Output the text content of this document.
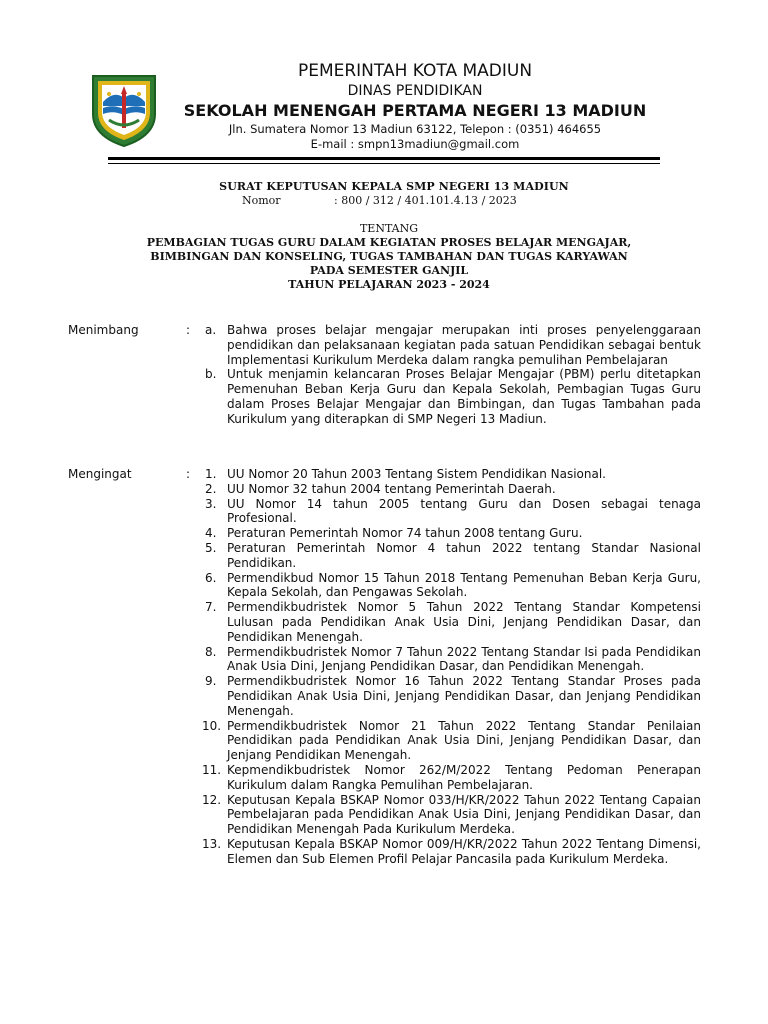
PEMERINTAH KOTA MADIUN
DINAS PENDIDIKAN
SEKOLAH MENENGAH PERTAMA NEGERI 13 MADIUN
Jln. Sumatera Nomor 13 Madiun 63122, Telepon : (0351) 464655
E-mail : smpn13madiun@gmail.com
SURAT KEPUTUSAN KEPALA SMP NEGERI 13 MADIUN
Nomor	: 800 / 312 / 401.101.4.13 / 2023
TENTANG
PEMBAGIAN TUGAS GURU DALAM KEGIATAN PROSES BELAJAR MENGAJAR,
BIMBINGAN DAN KONSELING, TUGAS TAMBAHAN DAN TUGAS KARYAWAN
PADA SEMESTER GANJIL
TAHUN PELAJARAN 2023 - 2024
Menimbang	: a. Bahwa proses belajar mengajar merupakan inti proses penyelenggaraan pendidikan dan pelaksanaan kegiatan pada satuan Pendidikan sebagai bentuk Implementasi Kurikulum Merdeka dalam rangka pemulihan Pembelajaran
b. Untuk menjamin kelancaran Proses Belajar Mengajar (PBM) perlu ditetapkan Pemenuhan Beban Kerja Guru dan Kepala Sekolah, Pembagian Tugas Guru dalam Proses Belajar Mengajar dan Bimbingan, dan Tugas Tambahan pada Kurikulum yang diterapkan di SMP Negeri 13 Madiun.
Mengingat	: 1. UU Nomor 20 Tahun 2003 Tentang Sistem Pendidikan Nasional.
2. UU Nomor 32 tahun 2004 tentang Pemerintah Daerah.
3. UU Nomor 14 tahun 2005 tentang Guru dan Dosen sebagai tenaga Profesional.
4. Peraturan Pemerintah Nomor 74 tahun 2008 tentang Guru.
5. Peraturan Pemerintah Nomor 4 tahun 2022 tentang Standar Nasional Pendidikan.
6. Permendikbud Nomor 15 Tahun 2018 Tentang Pemenuhan Beban Kerja Guru, Kepala Sekolah, dan Pengawas Sekolah.
7. Permendikbudristek Nomor 5 Tahun 2022 Tentang Standar Kompetensi Lulusan pada Pendidikan Anak Usia Dini, Jenjang Pendidikan Dasar, dan Pendidikan Menengah.
8. Permendikbudristek Nomor 7 Tahun 2022 Tentang Standar Isi pada Pendidikan Anak Usia Dini, Jenjang Pendidikan Dasar, dan Pendidikan Menengah.
9. Permendikbudristek Nomor 16 Tahun 2022 Tentang Standar Proses pada Pendidikan Anak Usia Dini, Jenjang Pendidikan Dasar, dan Jenjang Pendidikan Menengah.
10. Permendikbudristek Nomor 21 Tahun 2022 Tentang Standar Penilaian Pendidikan pada Pendidikan Anak Usia Dini, Jenjang Pendidikan Dasar, dan Jenjang Pendidikan Menengah.
11. Kepmendikbudristek Nomor 262/M/2022 Tentang Pedoman Penerapan Kurikulum dalam Rangka Pemulihan Pembelajaran.
12. Keputusan Kepala BSKAP Nomor 033/H/KR/2022 Tahun 2022 Tentang Capaian Pembelajaran pada Pendidikan Anak Usia Dini, Jenjang Pendidikan Dasar, dan Pendidikan Menengah Pada Kurikulum Merdeka.
13. Keputusan Kepala BSKAP Nomor 009/H/KR/2022 Tahun 2022 Tentang Dimensi, Elemen dan Sub Elemen Profil Pelajar Pancasila pada Kurikulum Merdeka.
